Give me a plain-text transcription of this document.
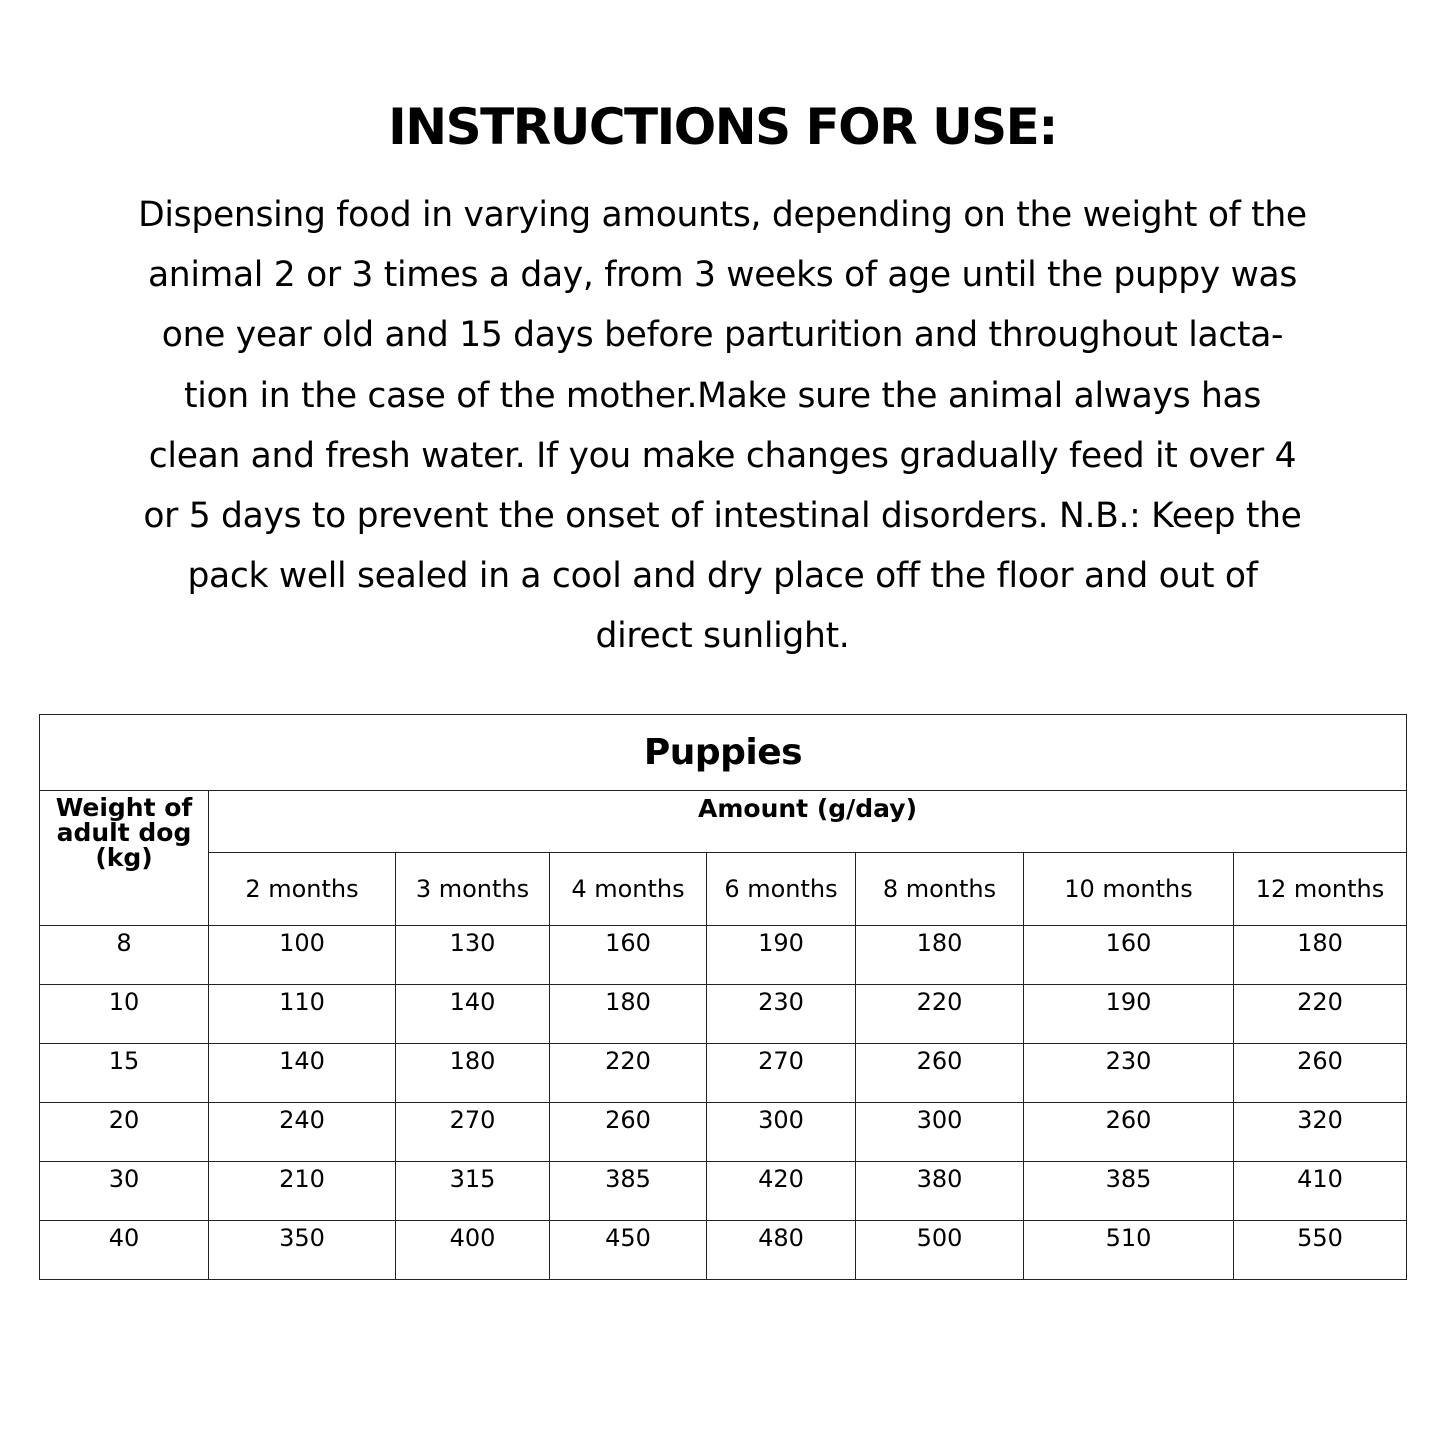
INSTRUCTIONS FOR USE:
Dispensing food in varying amounts, depending on the weight of the
animal 2 or 3 times a day, from 3 weeks of age until the puppy was
one year old and 15 days before parturition and throughout lacta-
tion in the case of the mother.Make sure the animal always has
clean and fresh water. If you make changes gradually feed it over 4
or 5 days to prevent the onset of intestinal disorders. N.B.: Keep the
pack well sealed in a cool and dry place off the floor and out of
direct sunlight.
Puppies							

Weight of
adult dog
(kg)	Amount (g/day)						
	2 months	3 months	4 months	6 months	8 months	10 months	12 months
8	100	130	160	190	180	160	180
10	110	140	180	230	220	190	220
15	140	180	220	270	260	230	260
20	240	270	260	300	300	260	320
30	210	315	385	420	380	385	410
40	350	400	450	480	500	510	550
